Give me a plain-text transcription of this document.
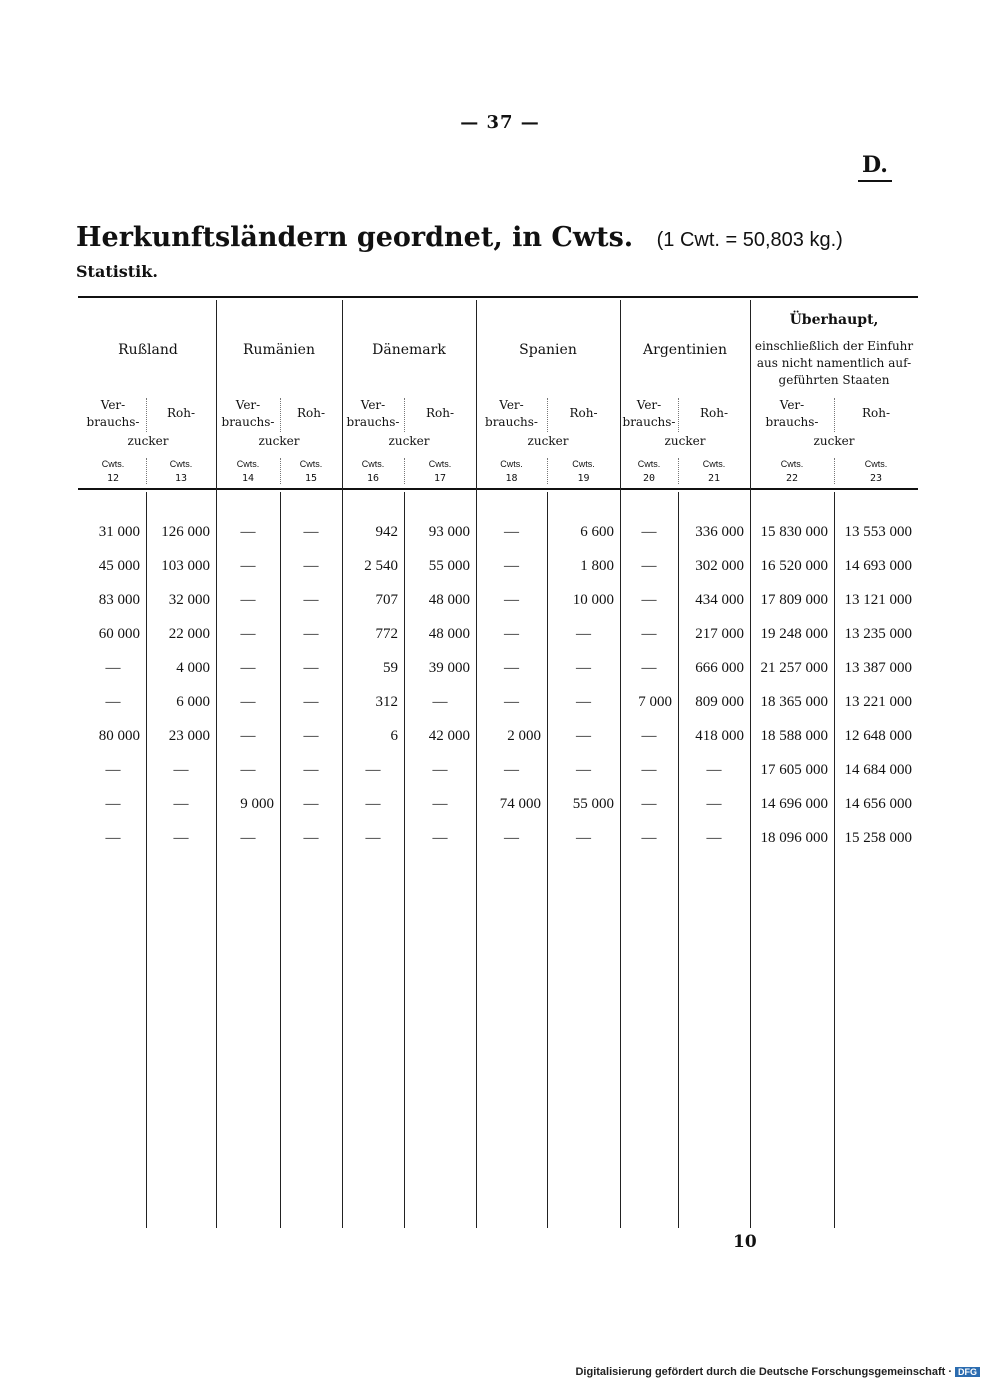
— 37 —
D.
Herkunftsländern geordnet, in Cwts. (1 Cwt. = 50,803 kg.)
Statistik.
Rußland
Ver-
brauchs-
Roh-
zucker
Cwts.
12
Cwts.
13
Rumänien
Ver-
brauchs-
Roh-
zucker
Cwts.
14
Cwts.
15
Dänemark
Ver-
brauchs-
Roh-
zucker
Cwts.
16
Cwts.
17
Spanien
Ver-
brauchs-
Roh-
zucker
Cwts.
18
Cwts.
19
Argentinien
Ver-
brauchs-
Roh-
zucker
Cwts.
20
Cwts.
21
Überhaupt,
einschließlich der Einfuhr
aus nicht namentlich auf-
geführten Staaten
Ver-
brauchs-
Roh-
zucker
Cwts.
22
Cwts.
23
31 000	126 000	—	—	942	93 000	—	6 600	—	336 000	15 830 000	13 553 000
45 000	103 000	—	—	2 540	55 000	—	1 800	—	302 000	16 520 000	14 693 000
83 000	32 000	—	—	707	48 000	—	10 000	—	434 000	17 809 000	13 121 000
60 000	22 000	—	—	772	48 000	—	—	—	217 000	19 248 000	13 235 000
—	4 000	—	—	59	39 000	—	—	—	666 000	21 257 000	13 387 000
—	6 000	—	—	312	—	—	—	7 000	809 000	18 365 000	13 221 000
80 000	23 000	—	—	6	42 000	2 000	—	—	418 000	18 588 000	12 648 000
—	—	—	—	—	—	—	—	—	—	17 605 000	14 684 000
—	—	9 000	—	—	—	74 000	55 000	—	—	14 696 000	14 656 000
—	—	—	—	—	—	—	—	—	—	18 096 000	15 258 000
10
Digitalisierung gefördert durch die Deutsche Forschungsgemeinschaft · DFG
